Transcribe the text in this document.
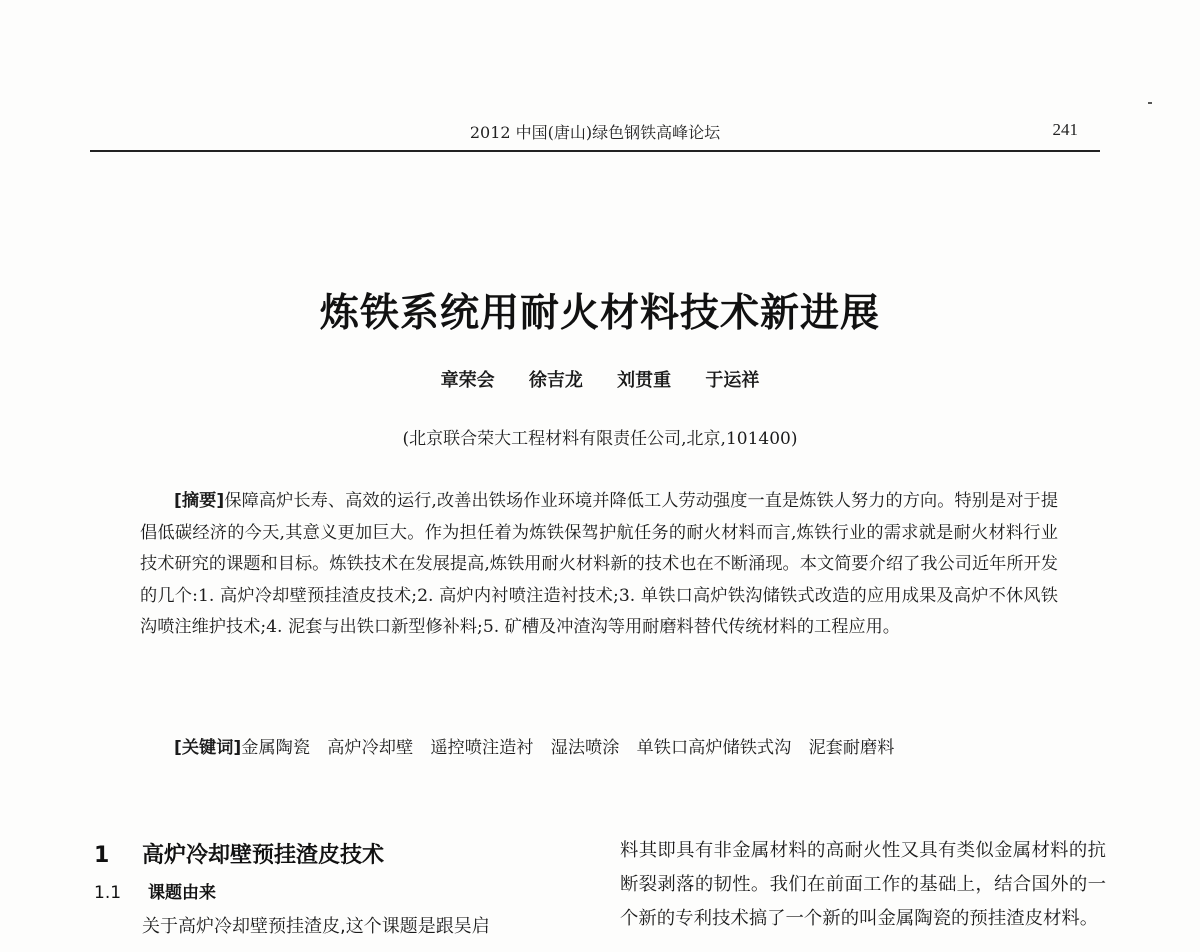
2012 中国(唐山)绿色钢铁高峰论坛	241
炼铁系统用耐火材料技术新进展
章荣会 徐吉龙 刘贯重 于运祥
(北京联合荣大工程材料有限责任公司,北京,101400)

[摘要]保障高炉长寿、高效的运行,改善出铁场作业环境并降低工人劳动强度一直是炼铁人努力的方向。特别是对于提倡低碳经济的今天,其意义更加巨大。作为担任着为炼铁保驾护航任务的耐火材料而言,炼铁行业的需求就是耐火材料行业技术研究的课题和目标。炼铁技术在发展提高,炼铁用耐火材料新的技术也在不断涌现。本文简要介绍了我公司近年所开发的几个:1. 高炉冷却壁预挂渣皮技术;2. 高炉内衬喷注造衬技术;3. 单铁口高炉铁沟储铁式改造的应用成果及高炉不休风铁沟喷注维护技术;4. 泥套与出铁口新型修补料;5. 矿槽及冲渣沟等用耐磨料替代传统材料的工程应用。

[关键词]金属陶瓷　高炉冷却壁　遥控喷注造衬　湿法喷涂　单铁口高炉储铁式沟　泥套耐磨料

1 高炉冷却壁预挂渣皮技术
1.1 课题由来

关于高炉冷却壁预挂渣皮,这个课题是跟吴启

料其即具有非金属材料的高耐火性又具有类似金属材料的抗断裂剥落的韧性。我们在前面工作的基础上，结合国外的一个新的专利技术搞了一个新的叫金属陶瓷的预挂渣皮材料。
